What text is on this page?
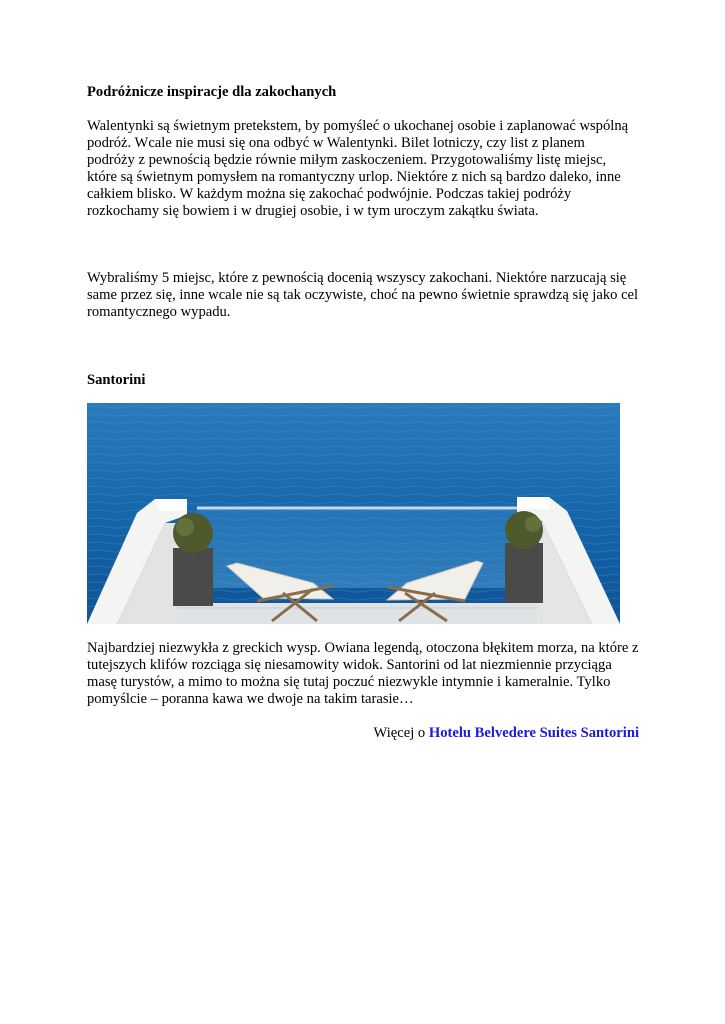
Podróżnicze inspiracje dla zakochanych

Walentynki są świetnym pretekstem, by pomyśleć o ukochanej osobie i zaplanować wspólną
podróż. Wcale nie musi się ona odbyć w Walentynki. Bilet lotniczy, czy list z planem
podróży z pewnością będzie równie miłym zaskoczeniem. Przygotowaliśmy listę miejsc,
które są świetnym pomysłem na romantyczny urlop. Niektóre z nich są bardzo daleko, inne
całkiem blisko. W każdym można się zakochać podwójnie. Podczas takiej podróży
rozkochamy się bowiem i w drugiej osobie, i w tym uroczym zakątku świata.

Wybraliśmy 5 miejsc, które z pewnością docenią wszyscy zakochani. Niektóre narzucają się
same przez się, inne wcale nie są tak oczywiste, choć na pewno świetnie sprawdzą się jako cel
romantycznego wypadu.

Santorini

Najbardziej niezwykła z greckich wysp. Owiana legendą, otoczona błękitem morza, na które z
tutejszych klifów rozciąga się niesamowity widok. Santorini od lat niezmiennie przyciąga
masę turystów, a mimo to można się tutaj poczuć niezwykle intymnie i kameralnie. Tylko
pomyślcie – poranna kawa we dwoje na takim tarasie…

Więcej o Hotelu Belvedere Suites Santorini
